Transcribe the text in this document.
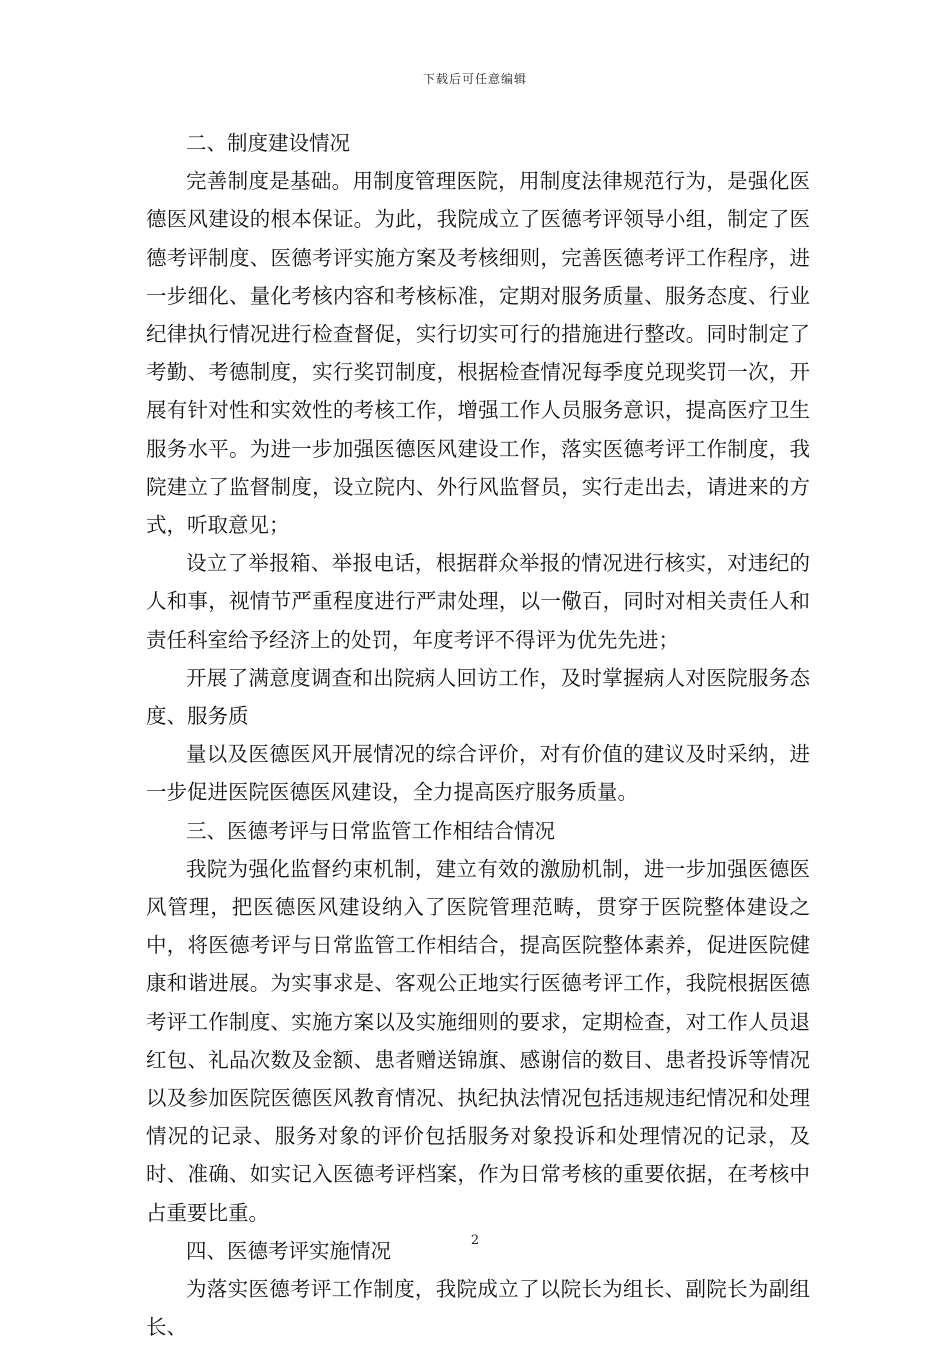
下载后可任意编辑

二、制度建设情况

完善制度是基础。用制度管理医院，用制度法律规范行为，是强化医德医风建设的根本保证。为此，我院成立了医德考评领导小组，制定了医德考评制度、医德考评实施方案及考核细则，完善医德考评工作程序，进一步细化、量化考核内容和考核标准，定期对服务质量、服务态度、行业纪律执行情况进行检查督促，实行切实可行的措施进行整改。同时制定了考勤、考德制度，实行奖罚制度，根据检查情况每季度兑现奖罚一次，开展有针对性和实效性的考核工作，增强工作人员服务意识，提高医疗卫生服务水平。为进一步加强医德医风建设工作，落实医德考评工作制度，我院建立了监督制度，设立院内、外行风监督员，实行走出去，请进来的方式，听取意见；

设立了举报箱、举报电话，根据群众举报的情况进行核实，对违纪的人和事，视情节严重程度进行严肃处理，以一儆百，同时对相关责任人和责任科室给予经济上的处罚，年度考评不得评为优先先进；

开展了满意度调查和出院病人回访工作，及时掌握病人对医院服务态度、服务质

量以及医德医风开展情况的综合评价，对有价值的建议及时采纳，进一步促进医院医德医风建设，全力提高医疗服务质量。

三、医德考评与日常监管工作相结合情况

我院为强化监督约束机制，建立有效的激励机制，进一步加强医德医风管理，把医德医风建设纳入了医院管理范畴，贯穿于医院整体建设之中，将医德考评与日常监管工作相结合，提高医院整体素养，促进医院健康和谐进展。为实事求是、客观公正地实行医德考评工作，我院根据医德考评工作制度、实施方案以及实施细则的要求，定期检查，对工作人员退红包、礼品次数及金额、患者赠送锦旗、感谢信的数目、患者投诉等情况以及参加医院医德医风教育情况、执纪执法情况包括违规违纪情况和处理情况的记录、服务对象的评价包括服务对象投诉和处理情况的记录，及时、准确、如实记入医德考评档案，作为日常考核的重要依据，在考核中占重要比重。

四、医德考评实施情况

为落实医德考评工作制度，我院成立了以院长为组长、副院长为副组长、

2
